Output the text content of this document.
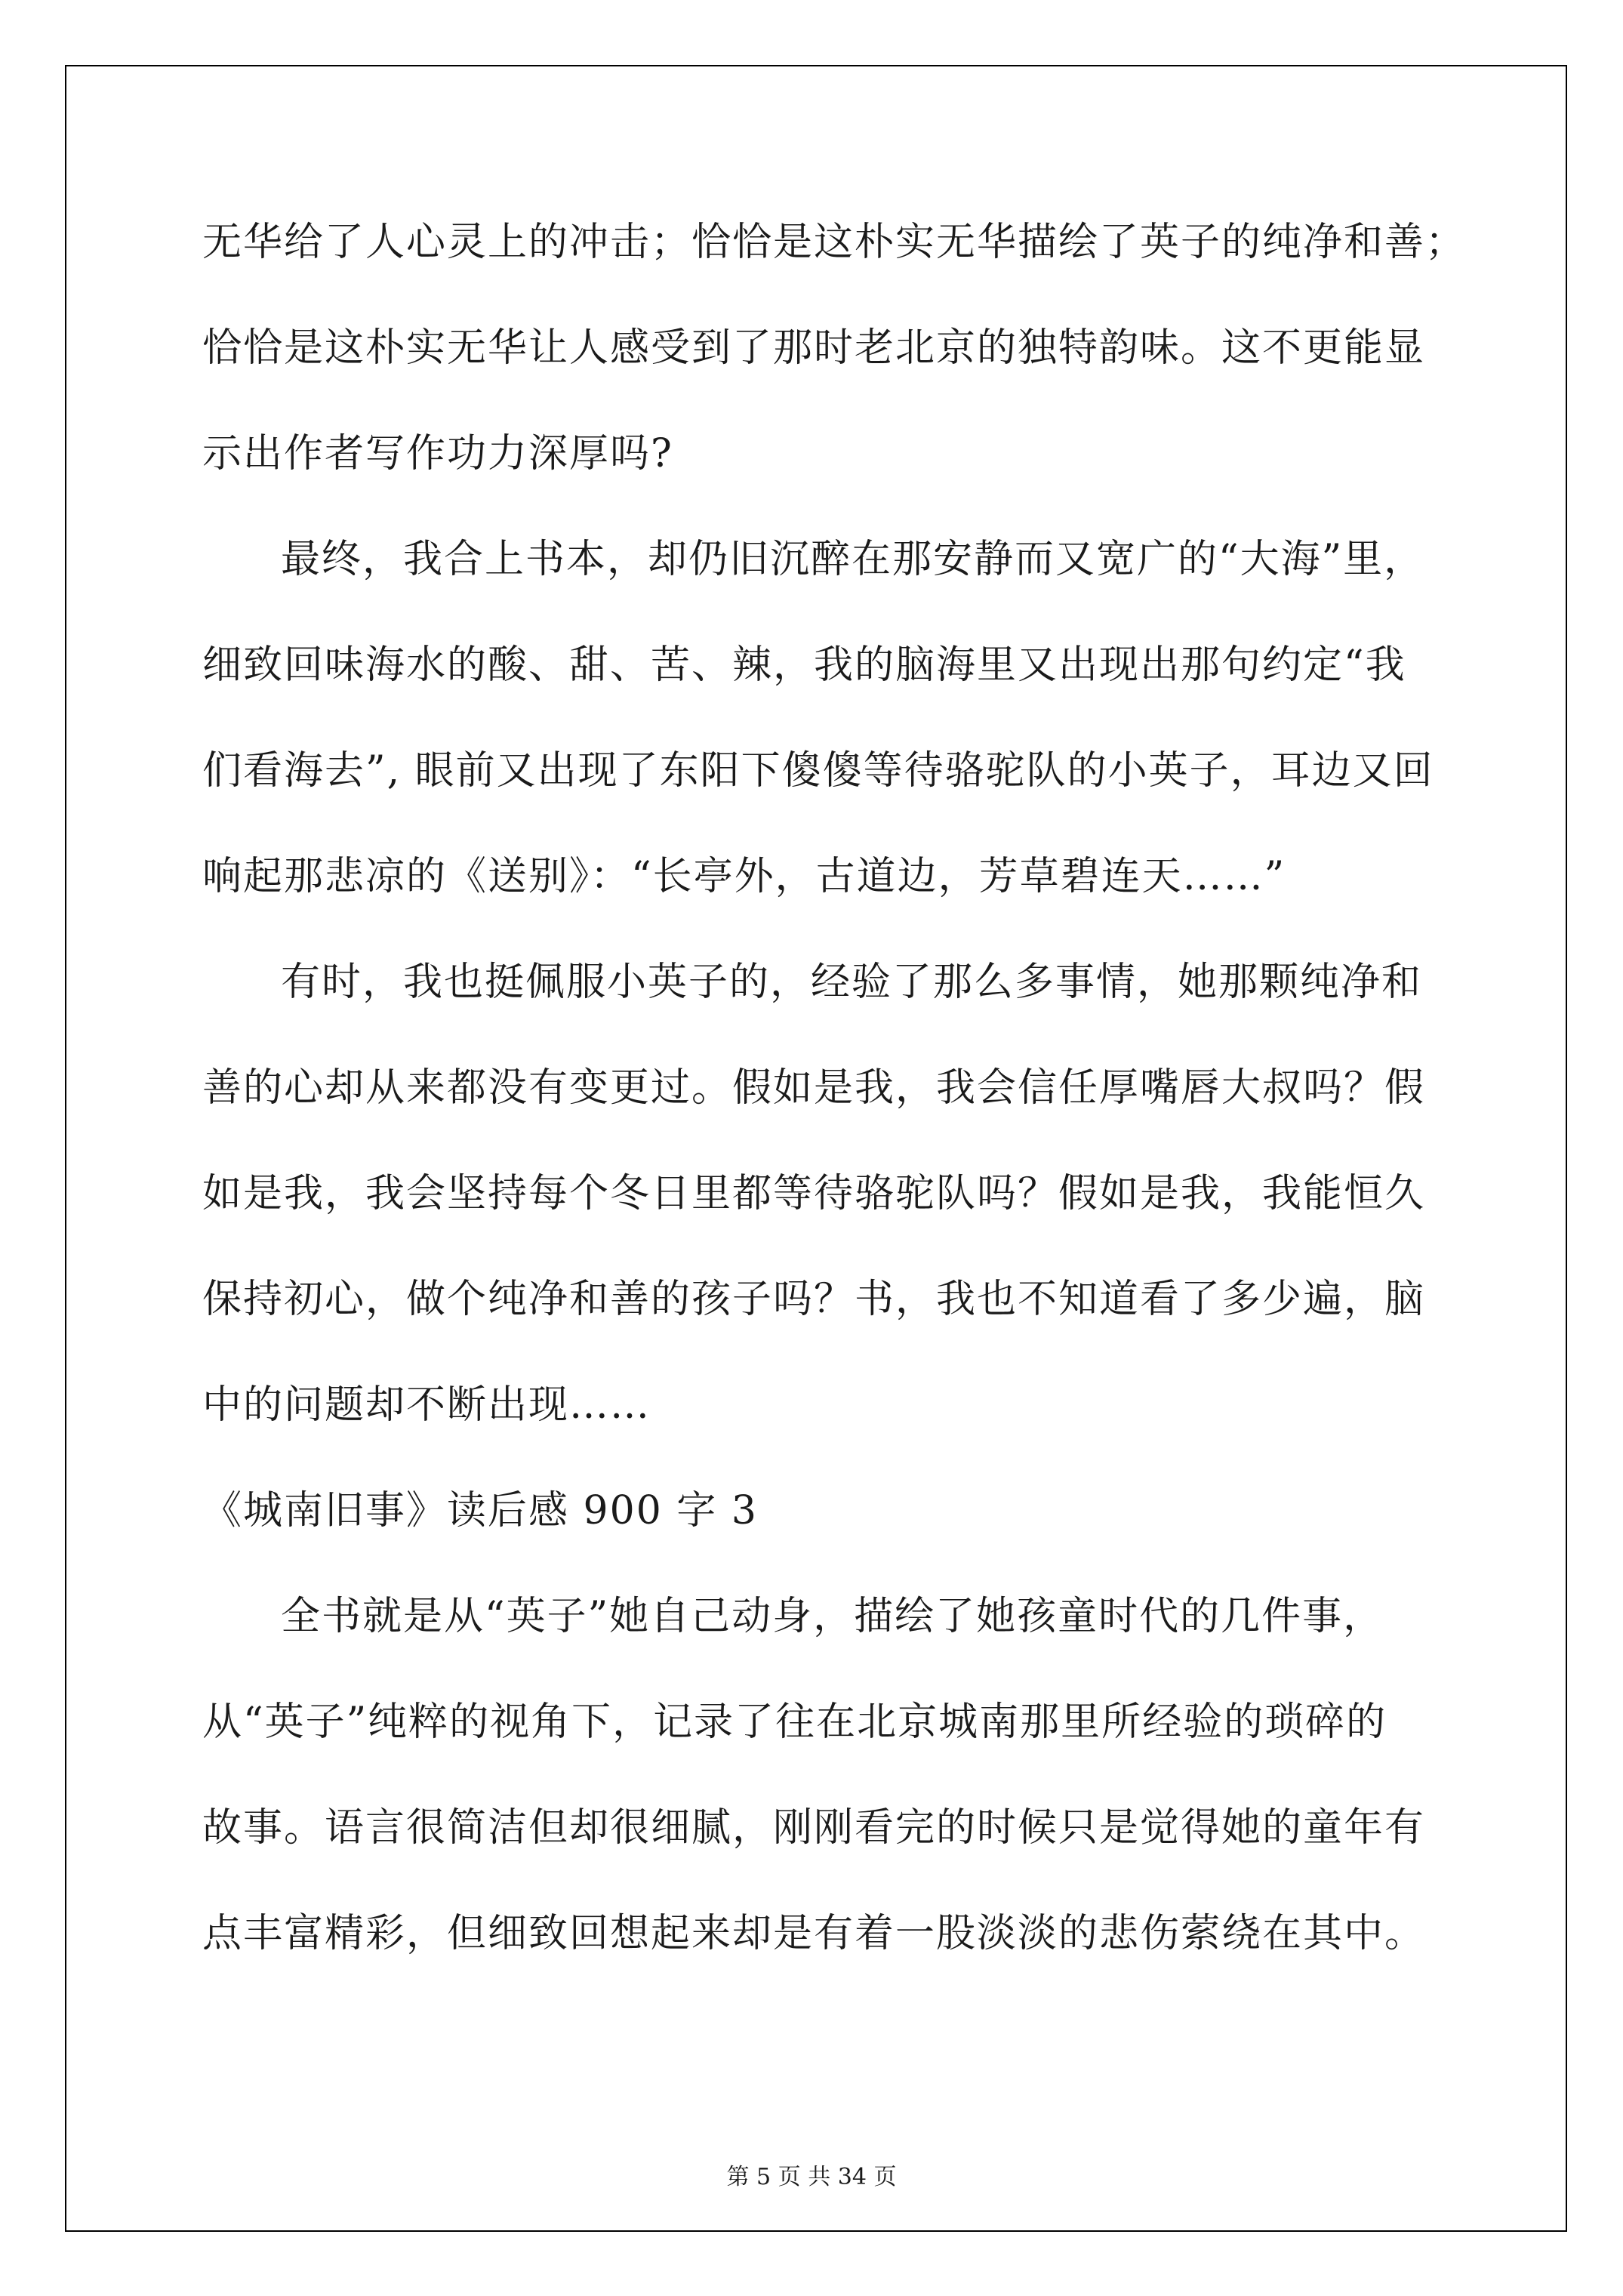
无华给了人心灵上的冲击；恰恰是这朴实无华描绘了英子的纯净和善；
恰恰是这朴实无华让人感受到了那时老北京的独特韵味。这不更能显
示出作者写作功力深厚吗?
最终，我合上书本，却仍旧沉醉在那安静而又宽广的“大海”里，
细致回味海水的酸、甜、苦、辣，我的脑海里又出现出那句约定“我
们看海去”, 眼前又出现了东阳下傻傻等待骆驼队的小英子，耳边又回
响起那悲凉的《送别》：“长亭外，古道边，芳草碧连天……”
有时，我也挺佩服小英子的，经验了那么多事情，她那颗纯净和
善的心却从来都没有变更过。假如是我，我会信任厚嘴唇大叔吗？假
如是我，我会坚持每个冬日里都等待骆驼队吗？假如是我，我能恒久
保持初心，做个纯净和善的孩子吗？书，我也不知道看了多少遍，脑
中的问题却不断出现……
《城南旧事》读后感 900 字 3
全书就是从“英子”她自己动身，描绘了她孩童时代的几件事，
从“英子”纯粹的视角下，记录了往在北京城南那里所经验的琐碎的
故事。语言很简洁但却很细腻，刚刚看完的时候只是觉得她的童年有
点丰富精彩，但细致回想起来却是有着一股淡淡的悲伤萦绕在其中。
第 5 页 共 34 页
